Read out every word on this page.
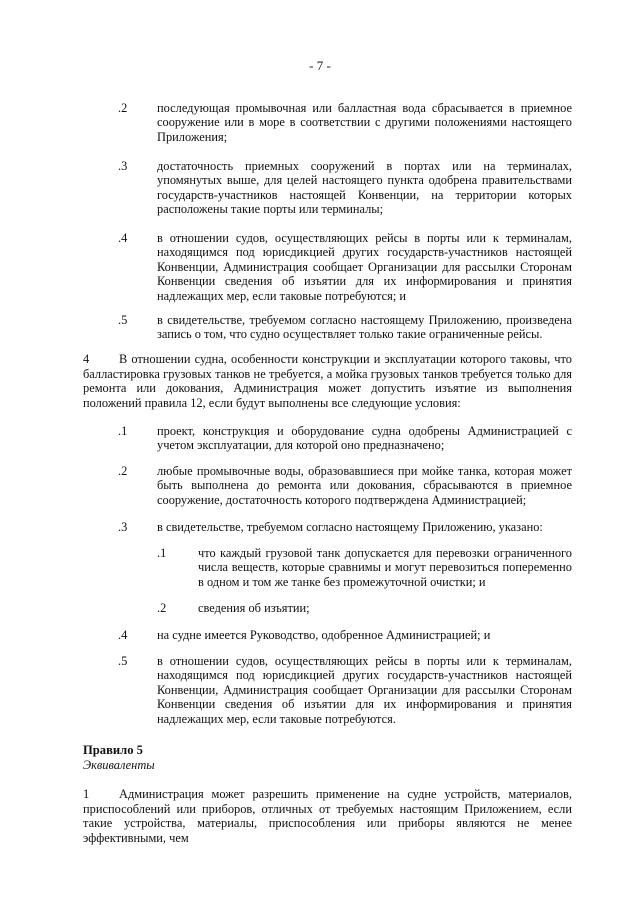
- 7 -
.2	последующая промывочная или балластная вода сбрасывается в приемное сооружение или в море в соответствии с другими положениями настоящего Приложения;
.3	достаточность приемных сооружений в портах или на терминалах, упомянутых выше, для целей настоящего пункта одобрена правительствами государств-участников настоящей Конвенции, на территории которых расположены такие порты или терминалы;
.4	в отношении судов, осуществляющих рейсы в порты или к терминалам, находящимся под юрисдикцией других государств-участников настоящей Конвенции, Администрация сообщает Организации для рассылки Сторонам Конвенции сведения об изъятии для их информирования и принятия надлежащих мер, если таковые потребуются; и
.5	в свидетельстве, требуемом согласно настоящему Приложению, произведена запись о том, что судно осуществляет только такие ограниченные рейсы.
4	В отношении судна, особенности конструкции и эксплуатации которого таковы, что балластировка грузовых танков не требуется, а мойка грузовых танков требуется только для ремонта или докования, Администрация может допустить изъятие из выполнения положений правила 12, если будут выполнены все следующие условия:
.1	проект, конструкция и оборудование судна одобрены Администрацией с учетом эксплуатации, для которой оно предназначено;
.2	любые промывочные воды, образовавшиеся при мойке танка, которая может быть выполнена до ремонта или докования, сбрасываются в приемное сооружение, достаточность которого подтверждена Администрацией;
.3	в свидетельстве, требуемом согласно настоящему Приложению, указано:
.1	что каждый грузовой танк допускается для перевозки ограниченного числа веществ, которые сравнимы и могут перевозиться попеременно в одном и том же танке без промежуточной очистки; и
.2	сведения об изъятии;
.4	на судне имеется Руководство, одобренное Администрацией; и
.5	в отношении судов, осуществляющих рейсы в порты или к терминалам, находящимся под юрисдикцией других государств-участников настоящей Конвенции, Администрация сообщает Организации для рассылки Сторонам Конвенции сведения об изъятии для их информирования и принятия надлежащих мер, если таковые потребуются.
Правило 5
Эквиваленты
1	Администрация может разрешить применение на судне устройств, материалов, приспособлений или приборов, отличных от требуемых настоящим Приложением, если такие устройства, материалы, приспособления или приборы являются не менее эффективными, чем
